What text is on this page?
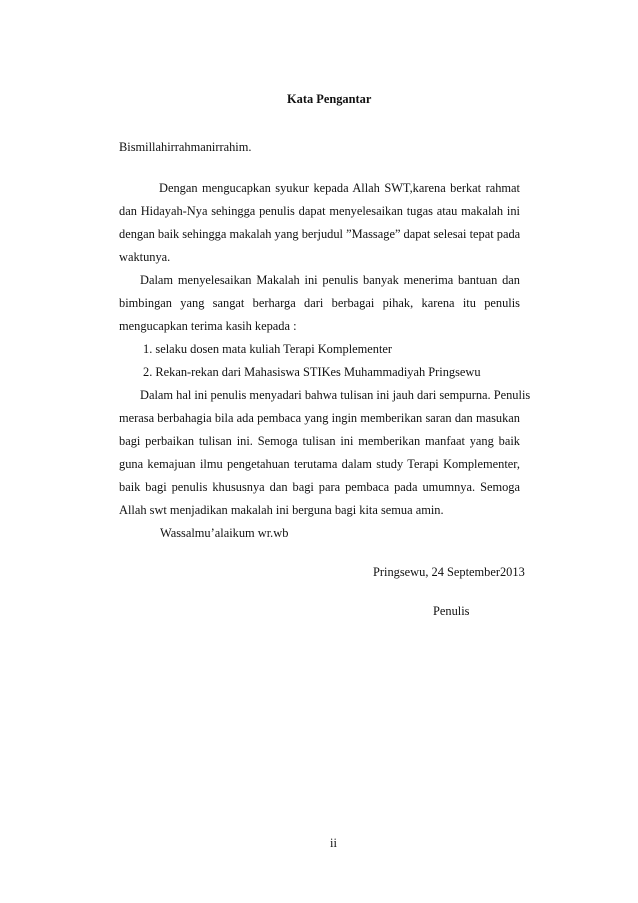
Kata Pengantar
Bismillahirrahmanirrahim.
Dengan mengucapkan syukur kepada Allah SWT,karena berkat rahmat
dan Hidayah-Nya sehingga penulis dapat menyelesaikan tugas atau makalah ini
dengan baik sehingga makalah yang berjudul ”Massage” dapat selesai tepat pada
waktunya.
Dalam menyelesaikan Makalah ini penulis banyak menerima bantuan dan
bimbingan yang sangat berharga dari berbagai pihak, karena itu penulis
mengucapkan terima kasih kepada :
1. selaku dosen mata kuliah Terapi Komplementer
2. Rekan-rekan dari Mahasiswa STIKes Muhammadiyah Pringsewu
Dalam hal ini penulis menyadari bahwa tulisan ini jauh dari sempurna. Penulis
merasa berbahagia bila ada pembaca yang ingin memberikan saran dan masukan
bagi perbaikan tulisan ini. Semoga tulisan ini memberikan manfaat yang baik
guna kemajuan ilmu pengetahuan terutama dalam study Terapi Komplementer,
baik bagi penulis khususnya dan bagi para pembaca pada umumnya. Semoga
Allah swt menjadikan makalah ini berguna bagi kita semua amin.
Wassalmu’alaikum wr.wb
Pringsewu, 24 September2013
Penulis
ii
